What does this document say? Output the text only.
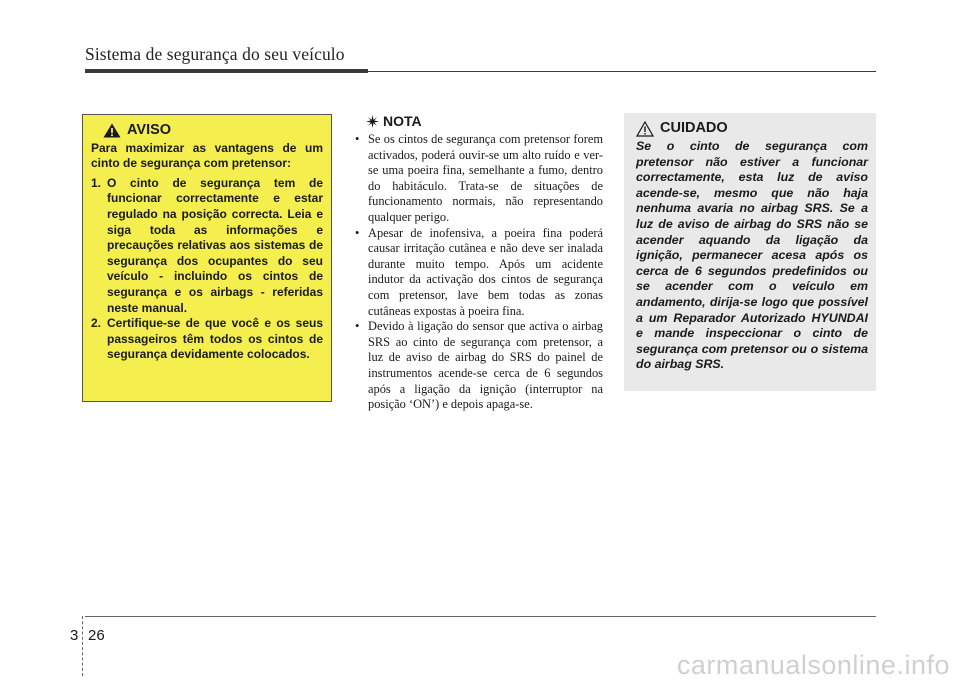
Sistema de segurança do seu veículo
AVISO

Para maximizar as vantagens de um cinto de segurança com pretensor:

1. O cinto de segurança tem de funcionar correctamente e estar regulado na posição correcta. Leia e siga toda as informações e precauções relativas aos sistemas de segurança dos ocupantes do seu veículo - incluindo os cintos de segurança e os airbags - referidas neste manual.
2. Certifique-se de que você e os seus passageiros têm todos os cintos de segurança devidamente colocados.
NOTA
• Se os cintos de segurança com pretensor forem activados, poderá ouvir-se um alto ruído e ver-se uma poeira fina, semelhante a fumo, dentro do habitáculo. Trata-se de situações de funcionamento normais, não representando qualquer perigo.
• Apesar de inofensiva, a poeira fina poderá causar irritação cutânea e não deve ser inalada durante muito tempo. Após um acidente indutor da activação dos cintos de segurança com pretensor, lave bem todas as zonas cutâneas expostas à poeira fina.
• Devido à ligação do sensor que activa o airbag SRS ao cinto de segurança com pretensor, a luz de aviso de airbag do SRS do painel de instrumentos acende-se cerca de 6 segundos após a ligação da ignição (interruptor na posição ‘ON’) e depois apaga-se.
CUIDADO

Se o cinto de segurança com pretensor não estiver a funcionar correctamente, esta luz de aviso acende-se, mesmo que não haja nenhuma avaria no airbag SRS. Se a luz de aviso de airbag do SRS não se acender aquando da ligação da ignição, permanecer acesa após os cerca de 6 segundos predefinidos ou se acender com o veículo em andamento, dirija-se logo que possível a um Reparador Autorizado HYUNDAI e mande inspeccionar o cinto de segurança com pretensor ou o sistema do airbag SRS.

3 26
carmanualsonline.info
